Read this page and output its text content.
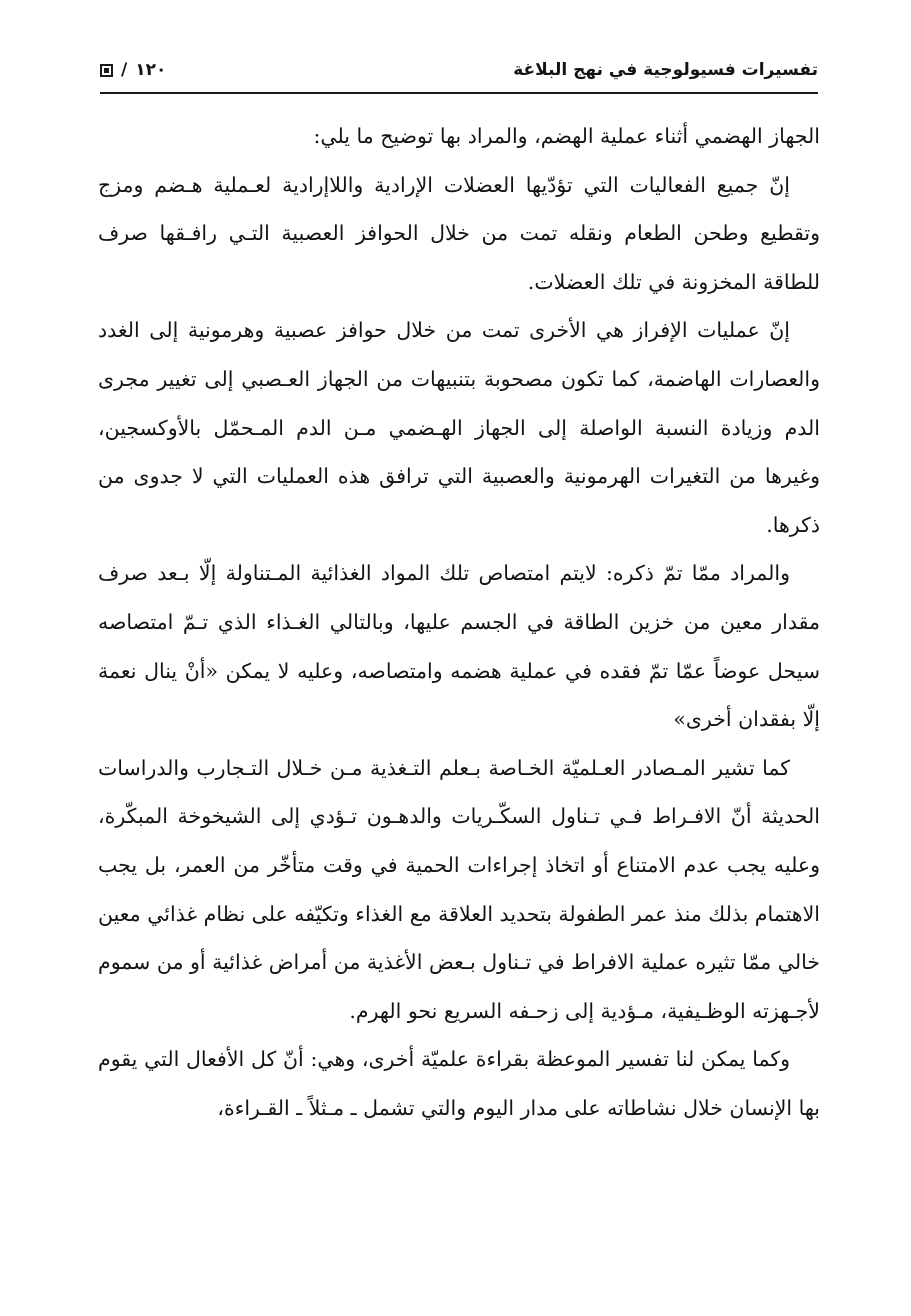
تفسيرات فسيولوجية في نهج البلاغة
/ ١٢٠

الجهاز الهضمي أثناء عملية الهضم، والمراد بها توضيح ما يلي:

إنّ جميع الفعاليات التي تؤدّيها العضلات الإرادية واللاإرادية لعـملية هـضم ومزج وتقطيع وطحن الطعام ونقله تمت من خلال الحوافز العصبية التـي رافـقها صرف للطاقة المخزونة في تلك العضلات.

إنّ عمليات الإفراز هي الأخرى تمت من خلال حوافز عصبية وهرمونية إلى الغدد والعصارات الهاضمة، كما تكون مصحوبة بتنبيهات من الجهاز العـصبي إلى تغيير مجرى الدم وزيادة النسبة الواصلة إلى الجهاز الهـضمي مـن الدم المـحمّل بالأوكسجين، وغيرها من التغيرات الهرمونية والعصبية التي ترافق هذه العمليات التي لا جدوى من ذكرها.

والمراد ممّا تمّ ذكره: لايتم امتصاص تلك المواد الغذائية المـتناولة إلّا بـعد صرف مقدار معين من خزين الطاقة في الجسم عليها، وبالتالي الغـذاء الذي تـمّ امتصاصه سيحل عوضاً عمّا تمّ فقده في عملية هضمه وامتصاصه، وعليه لا يمكن «أنْ ينال نعمة إلّا بفقدان أخرى»

كما تشير المـصادر العـلميّة الخـاصة بـعلم التـغذية مـن خـلال التـجارب والدراسات الحديثة أنّ الافـراط فـي تـناول السكّـريات والدهـون تـؤدي إلى الشيخوخة المبكّرة، وعليه يجب عدم الامتناع أو اتخاذ إجراءات الحمية في وقت متأخّر من العمر، بل يجب الاهتمام بذلك منذ عمر الطفولة بتحديد العلاقة مع الغذاء وتكيّفه على نظام غذائي معين خالي ممّا تثيره عملية الافراط في تـناول بـعض الأغذية من أمراض غذائية أو من سموم لأجـهزته الوظـيفية، مـؤدية إلى زحـفه السريع نحو الهرم.

وكما يمكن لنا تفسير الموعظة بقراءة علميّة أخرى، وهي: أنّ كل الأفعال التي يقوم بها الإنسان خلال نشاطاته على مدار اليوم والتي تشمل ـ مـثلاً ـ القـراءة،
